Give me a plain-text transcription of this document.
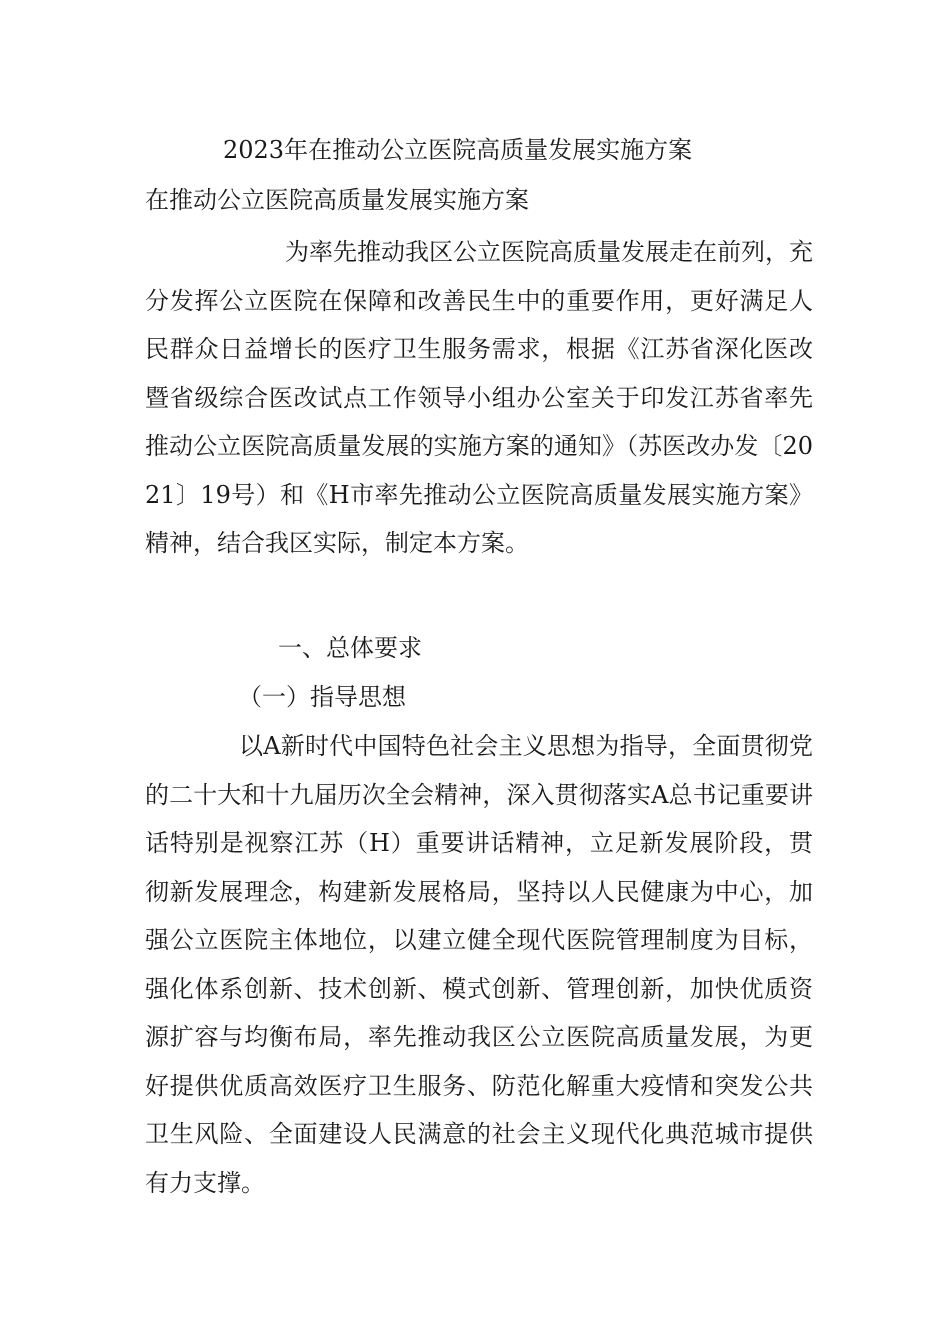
2023年在推动公立医院高质量发展实施方案
在推动公立医院高质量发展实施方案
为率先推动我区公立医院高质量发展走在前列，充分发挥公立医院在保障和改善民生中的重要作用，更好满足人民群众日益增长的医疗卫生服务需求，根据《江苏省深化医改暨省级综合医改试点工作领导小组办公室关于印发江苏省率先推动公立医院高质量发展的实施方案的通知》（苏医改办发〔2021〕19号）和《H市率先推动公立医院高质量发展实施方案》精神，结合我区实际，制定本方案。
一、总体要求
（一）指导思想
以A新时代中国特色社会主义思想为指导，全面贯彻党的二十大和十九届历次全会精神，深入贯彻落实A总书记重要讲话特别是视察江苏（H）重要讲话精神，立足新发展阶段，贯彻新发展理念，构建新发展格局，坚持以人民健康为中心，加强公立医院主体地位，以建立健全现代医院管理制度为目标，强化体系创新、技术创新、模式创新、管理创新，加快优质资源扩容与均衡布局，率先推动我区公立医院高质量发展，为更好提供优质高效医疗卫生服务、防范化解重大疫情和突发公共卫生风险、全面建设人民满意的社会主义现代化典范城市提供有力支撑。
